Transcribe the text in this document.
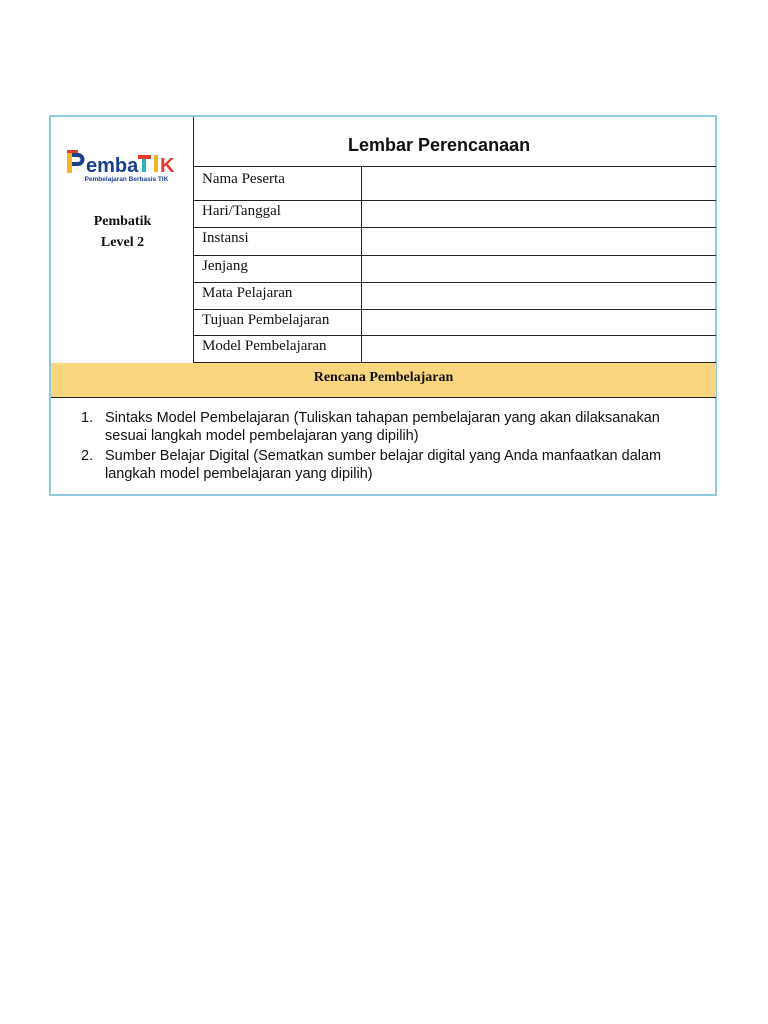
emba K
Pembelajaran Berbasis TIK
Pembatik
Level 2
Lembar Perencanaan
Nama Peserta
Hari/Tanggal
Instansi
Jenjang
Mata Pelajaran
Tujuan Pembelajaran
Model Pembelajaran
Rencana Pembelajaran
1. Sintaks Model Pembelajaran (Tuliskan tahapan pembelajaran yang akan dilaksanakan sesuai langkah model pembelajaran yang dipilih)
2. Sumber Belajar Digital (Sematkan sumber belajar digital yang Anda manfaatkan dalam langkah model pembelajaran yang dipilih)
